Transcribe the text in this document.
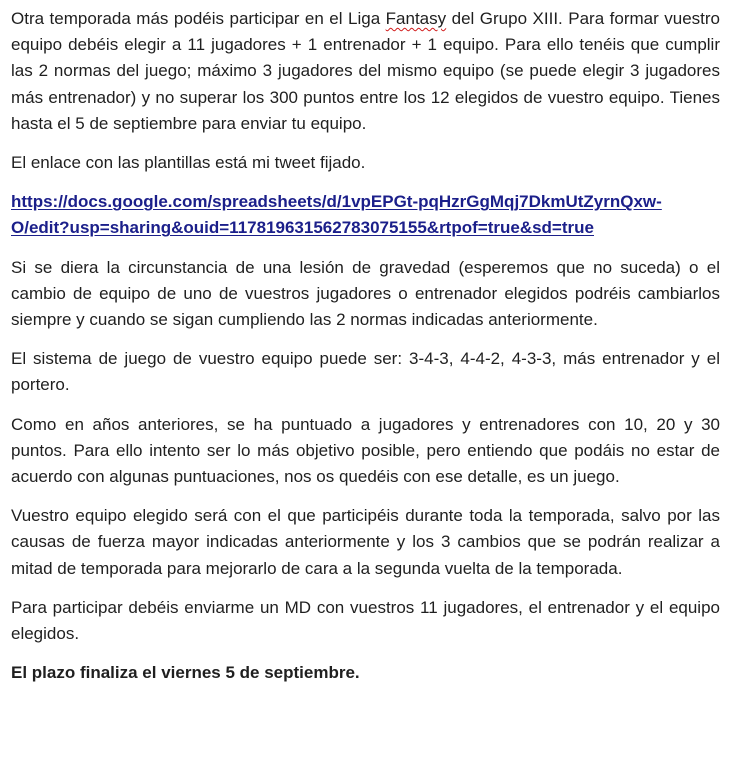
Otra temporada más podéis participar en el Liga Fantasy del Grupo XIII. Para formar vuestro equipo debéis elegir a 11 jugadores + 1 entrenador + 1 equipo. Para ello tenéis que cumplir las 2 normas del juego; máximo 3 jugadores del mismo equipo (se puede elegir 3 jugadores más entrenador) y no superar los 300 puntos entre los 12 elegidos de vuestro equipo. Tienes hasta el 5 de septiembre para enviar tu equipo.

El enlace con las plantillas está mi tweet fijado.

https://docs.google.com/spreadsheets/d/1vpEPGt-pqHzrGgMqj7DkmUtZyrnQxw-
O/edit?usp=sharing&ouid=117819631562783075155&rtpof=true&sd=true

Si se diera la circunstancia de una lesión de gravedad (esperemos que no suceda) o el cambio de equipo de uno de vuestros jugadores o entrenador elegidos podréis cambiarlos siempre y cuando se sigan cumpliendo las 2 normas indicadas anteriormente.

El sistema de juego de vuestro equipo puede ser: 3-4-3, 4-4-2, 4-3-3, más entrenador y el portero.

Como en años anteriores, se ha puntuado a jugadores y entrenadores con 10, 20 y 30 puntos. Para ello intento ser lo más objetivo posible, pero entiendo que podáis no estar de acuerdo con algunas puntuaciones, nos os quedéis con ese detalle, es un juego.

Vuestro equipo elegido será con el que participéis durante toda la temporada, salvo por las causas de fuerza mayor indicadas anteriormente y los 3 cambios que se podrán realizar a mitad de temporada para mejorarlo de cara a la segunda vuelta de la temporada.

Para participar debéis enviarme un MD con vuestros 11 jugadores, el entrenador y el equipo elegidos.

El plazo finaliza el viernes 5 de septiembre.
